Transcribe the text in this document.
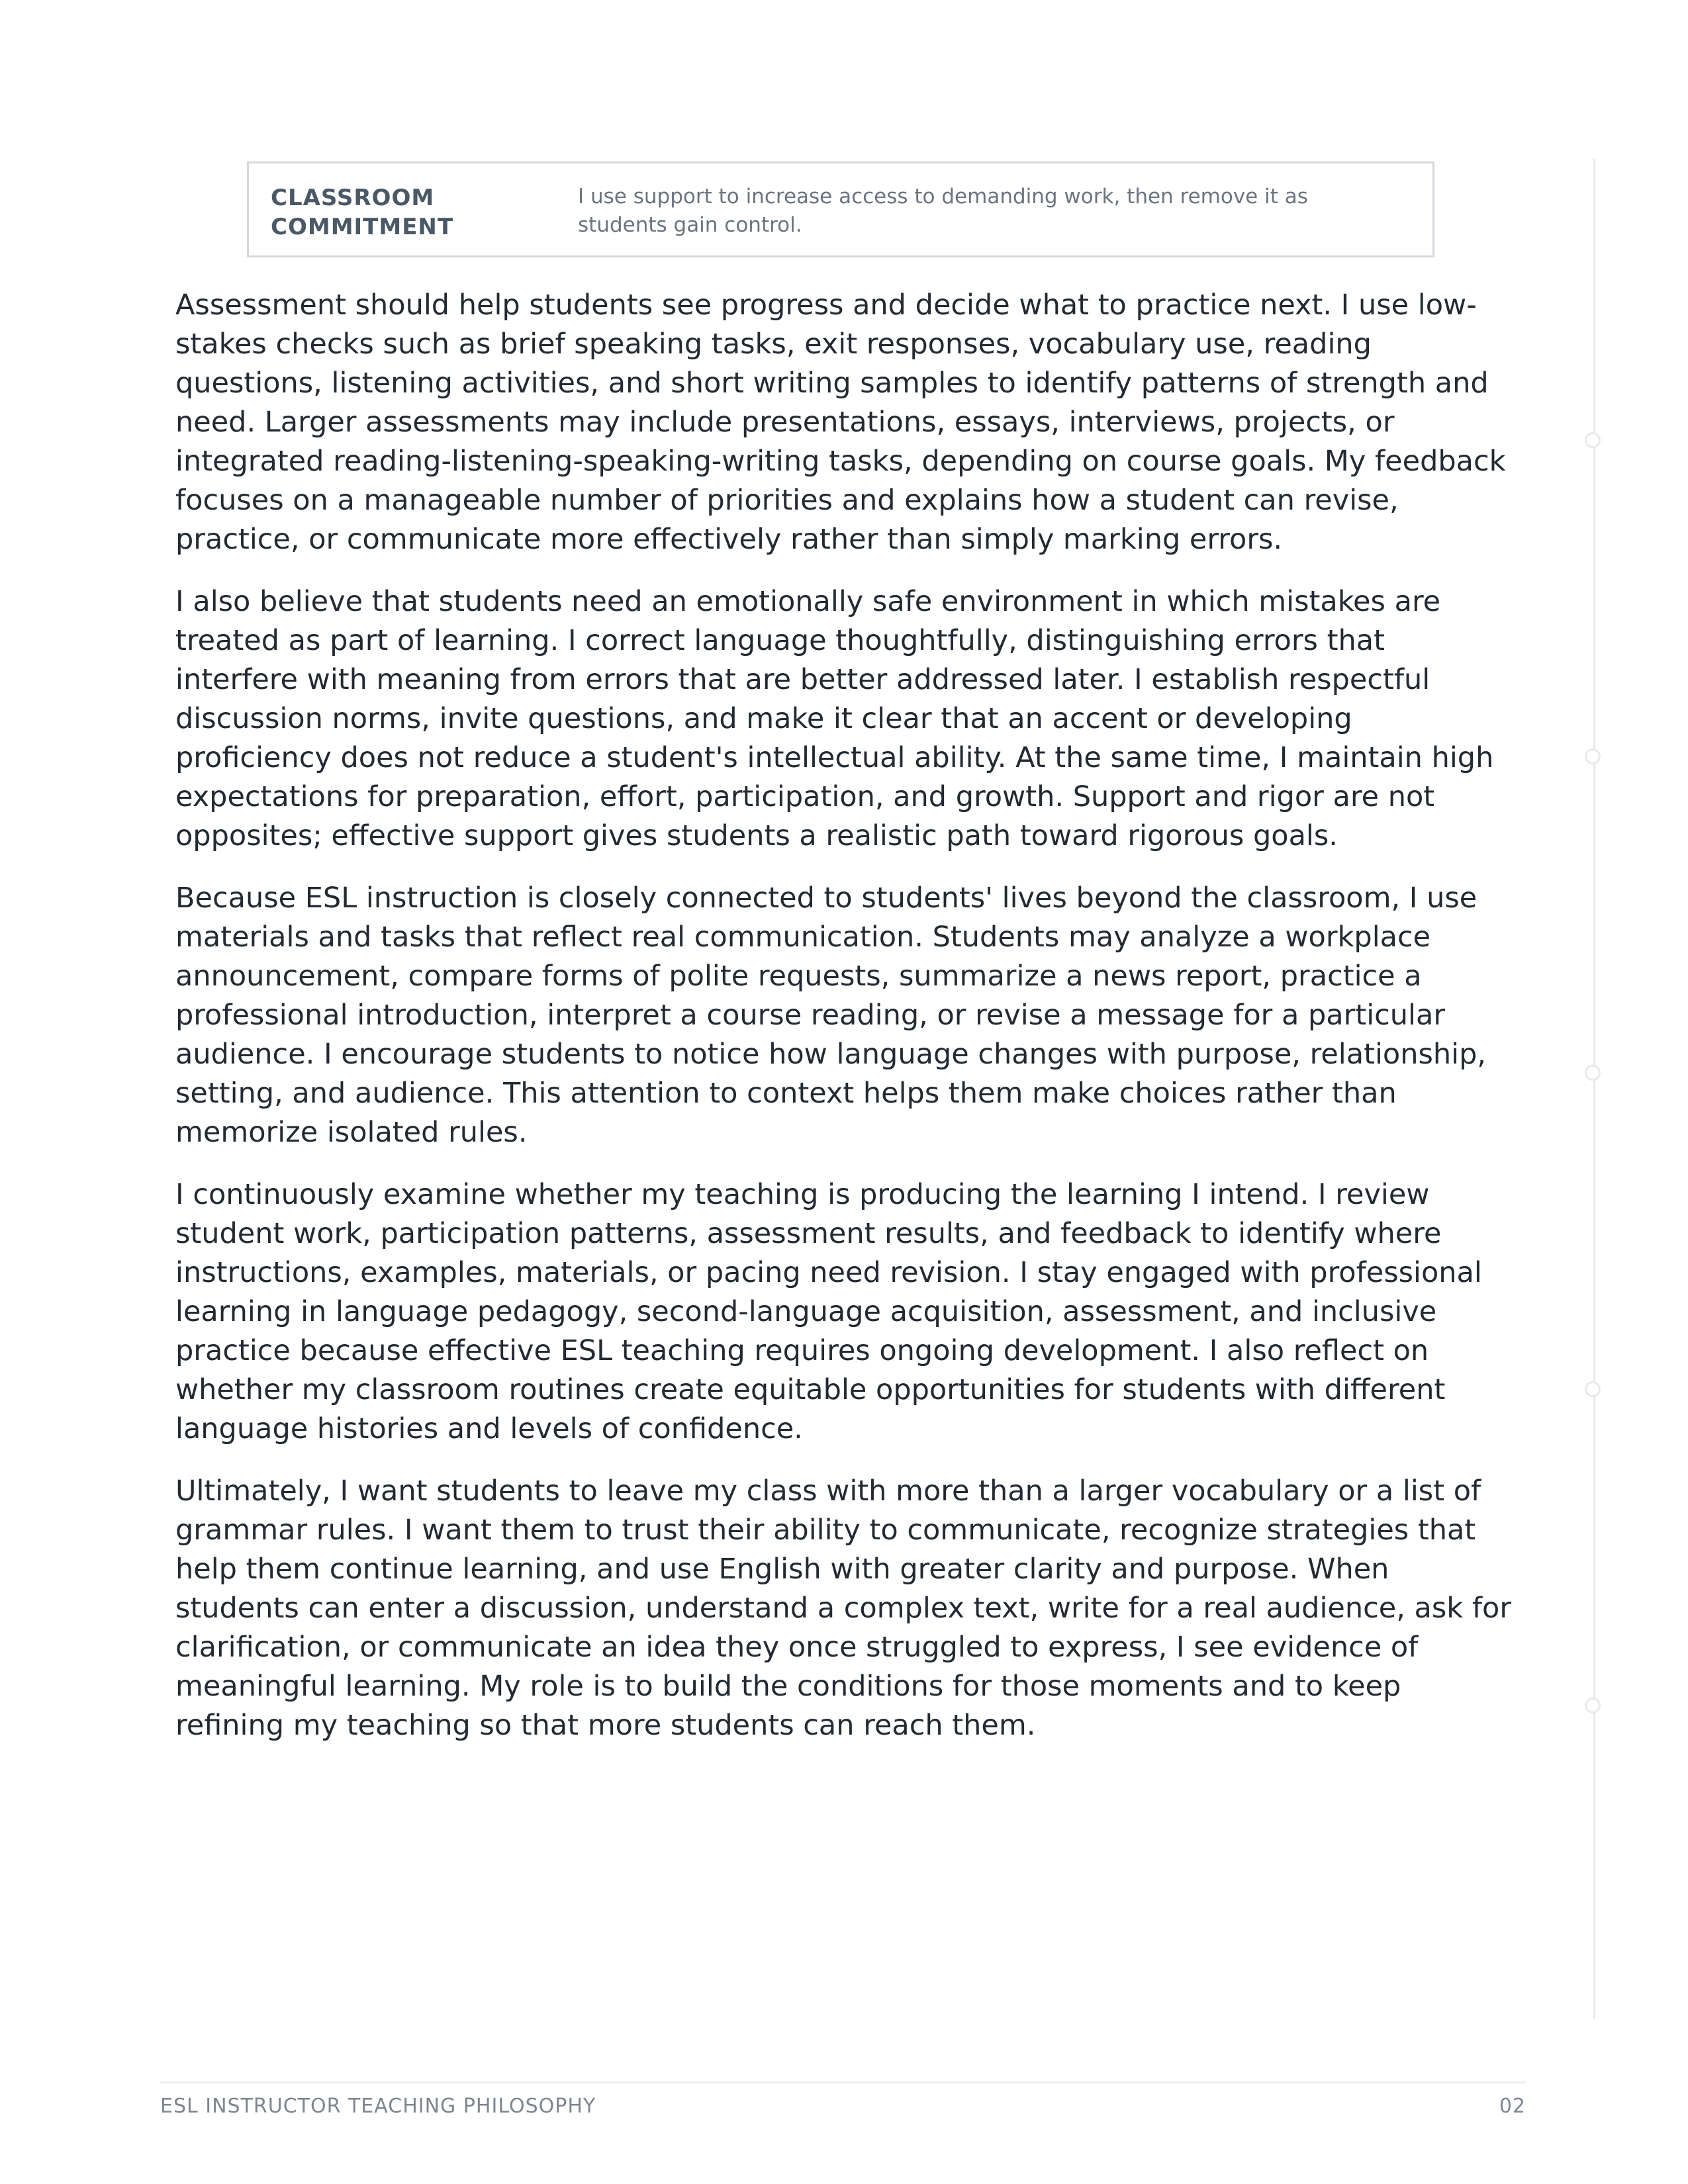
CLASSROOM
COMMITMENT
I use support to increase access to demanding work, then remove it as students gain control.

Assessment should help students see progress and decide what to practice next. I use low-stakes checks such as brief speaking tasks, exit responses, vocabulary use, reading questions, listening activities, and short writing samples to identify patterns of strength and need. Larger assessments may include presentations, essays, interviews, projects, or integrated reading-listening-speaking-writing tasks, depending on course goals. My feedback focuses on a manageable number of priorities and explains how a student can revise, practice, or communicate more effectively rather than simply marking errors.

I also believe that students need an emotionally safe environment in which mistakes are treated as part of learning. I correct language thoughtfully, distinguishing errors that interfere with meaning from errors that are better addressed later. I establish respectful discussion norms, invite questions, and make it clear that an accent or developing proficiency does not reduce a student's intellectual ability. At the same time, I maintain high expectations for preparation, effort, participation, and growth. Support and rigor are not opposites; effective support gives students a realistic path toward rigorous goals.

Because ESL instruction is closely connected to students' lives beyond the classroom, I use materials and tasks that reflect real communication. Students may analyze a workplace announcement, compare forms of polite requests, summarize a news report, practice a professional introduction, interpret a course reading, or revise a message for a particular audience. I encourage students to notice how language changes with purpose, relationship, setting, and audience. This attention to context helps them make choices rather than memorize isolated rules.

I continuously examine whether my teaching is producing the learning I intend. I review student work, participation patterns, assessment results, and feedback to identify where instructions, examples, materials, or pacing need revision. I stay engaged with professional learning in language pedagogy, second-language acquisition, assessment, and inclusive practice because effective ESL teaching requires ongoing development. I also reflect on whether my classroom routines create equitable opportunities for students with different language histories and levels of confidence.

Ultimately, I want students to leave my class with more than a larger vocabulary or a list of grammar rules. I want them to trust their ability to communicate, recognize strategies that help them continue learning, and use English with greater clarity and purpose. When students can enter a discussion, understand a complex text, write for a real audience, ask for clarification, or communicate an idea they once struggled to express, I see evidence of meaningful learning. My role is to build the conditions for those moments and to keep refining my teaching so that more students can reach them.

ESL INSTRUCTOR TEACHING PHILOSOPHY	02
